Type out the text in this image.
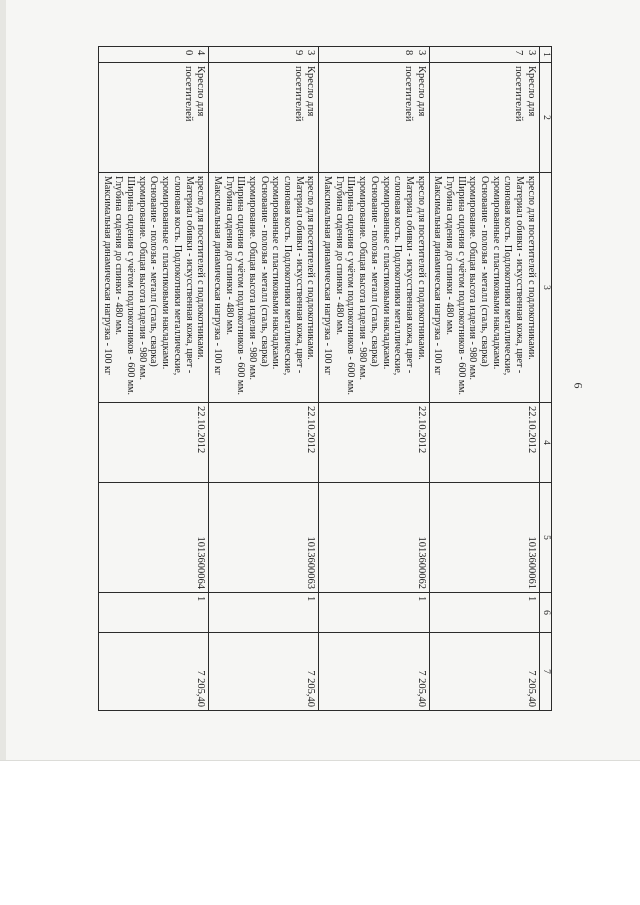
6
1	2	3	4	5	6	7
37	Кресло для посетителей	кресло для посетителей с подлокотниками. Материал обивки - искусственная кожа, цвет - слоновая кость. Подлокотники металлические, хромированные с пластиковыми накладками. Основание - полозья - металл (сталь, сварка) хромирование. Общая высота изделия - 980 мм. Ширина сидения с учётом подлокотников - 600 мм. Глубина сидения до спинки - 480 мм. Максимальная динамическая нагрузка - 100 кг	22.10.2012	1013600061	1	7 205,40
38	Кресло для посетителей	кресло для посетителей с подлокотниками. Материал обивки - искусственная кожа, цвет - слоновая кость. Подлокотники металлические, хромированные с пластиковыми накладками. Основание - полозья - металл (сталь, сварка) хромирование. Общая высота изделия - 980 мм. Ширина сидения с учётом подлокотников - 600 мм. Глубина сидения до спинки - 480 мм. Максимальная динамическая нагрузка - 100 кг	22.10.2012	1013600062	1	7 205,40
39	Кресло для посетителей	кресло для посетителей с подлокотниками. Материал обивки - искусственная кожа, цвет - слоновая кость. Подлокотники металлические, хромированные с пластиковыми накладками. Основание - полозья - металл (сталь, сварка) хромирование. Общая высота изделия - 980 мм. Ширина сидения с учётом подлокотников - 600 мм. Глубина сидения до спинки - 480 мм. Максимальная динамическая нагрузка - 100 кг	22.10.2012	1013600063	1	7 205,40
40	Кресло для посетителей	кресло для посетителей с подлокотниками. Материал обивки - искусственная кожа, цвет - слоновая кость. Подлокотники металлические, хромированные с пластиковыми накладками. Основание - полозья - металл (сталь, сварка) хромирование. Общая высота изделия - 980 мм. Ширина сидения с учётом подлокотников - 600 мм. Глубина сидения до спинки - 480 мм. Максимальная динамическая нагрузка - 100 кг	22.10.2012	1013600064	1	7 205,40
